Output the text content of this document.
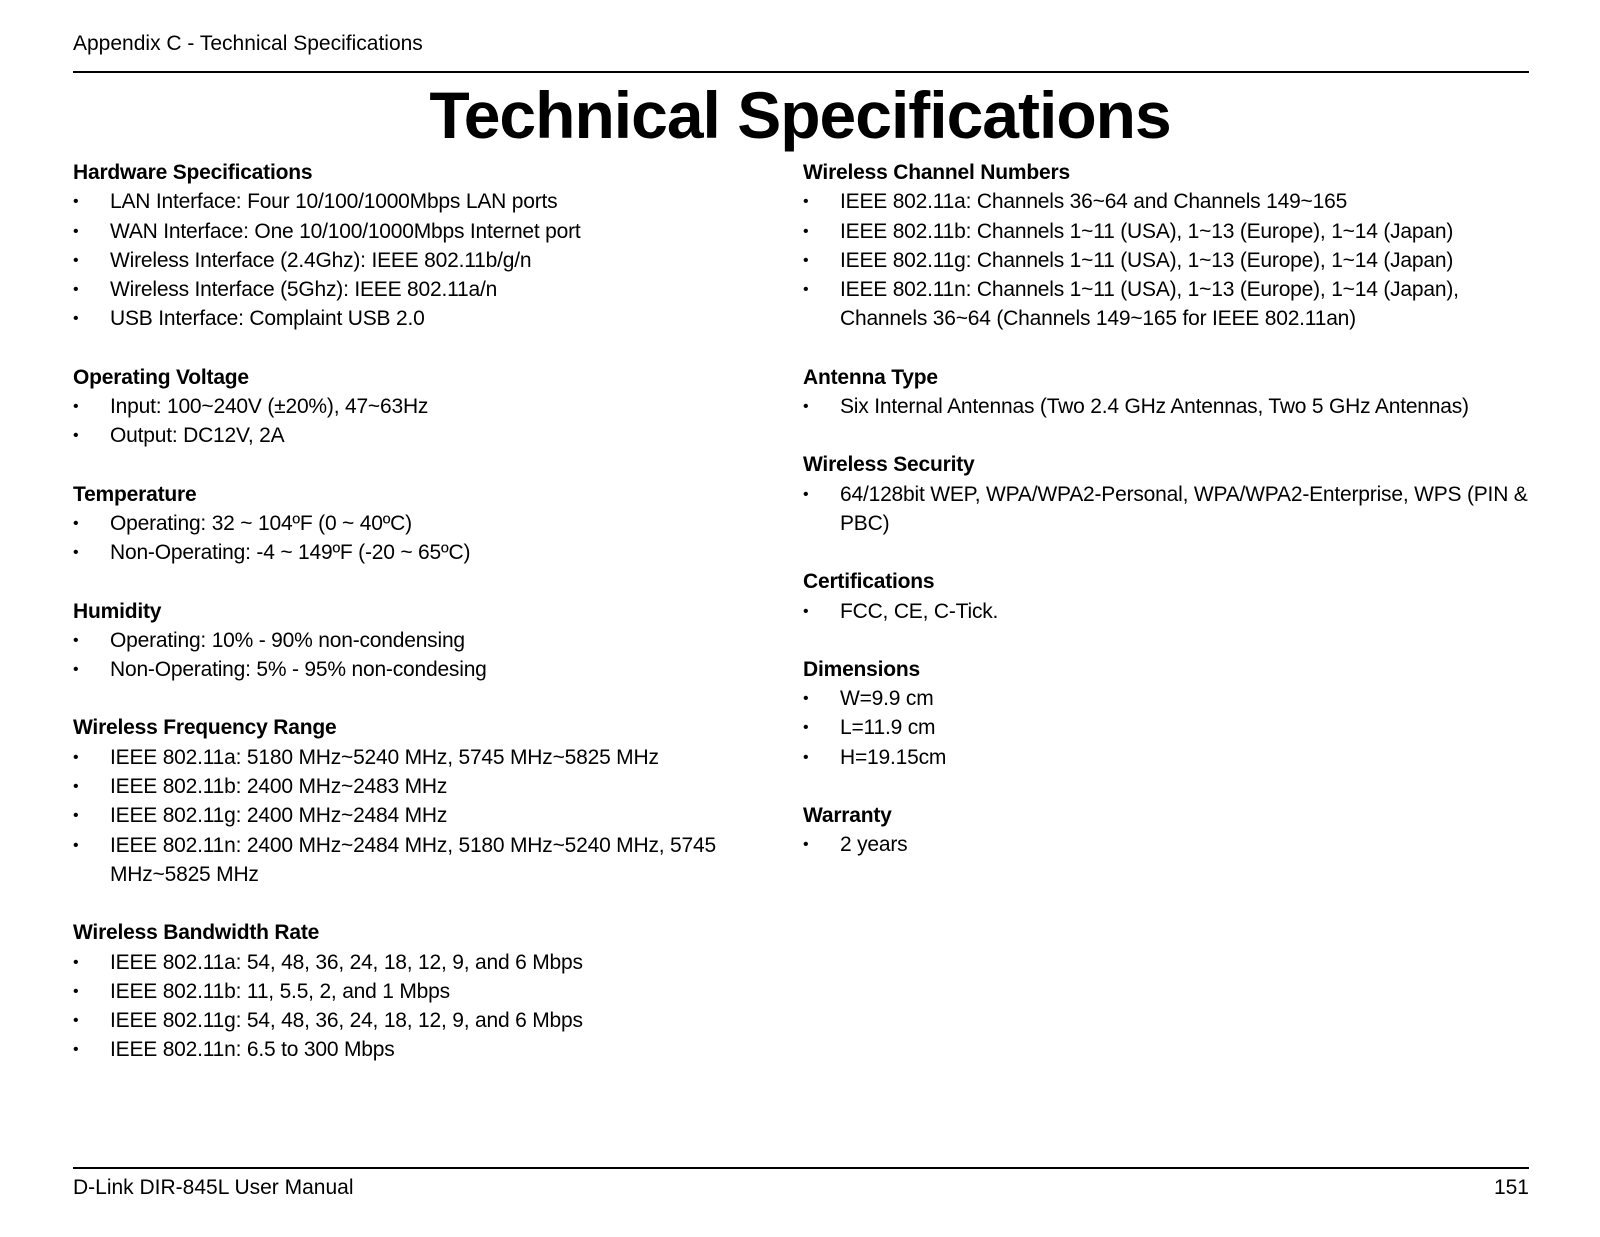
Appendix C - Technical Specifications
Technical Specifications
Hardware Specifications
• LAN Interface: Four 10/100/1000Mbps LAN ports
• WAN Interface: One 10/100/1000Mbps Internet port
• Wireless Interface (2.4Ghz): IEEE 802.11b/g/n
• Wireless Interface (5Ghz): IEEE 802.11a/n
• USB Interface: Complaint USB 2.0
Operating Voltage
• Input: 100~240V (±20%), 47~63Hz
• Output: DC12V, 2A
Temperature
• Operating: 32 ~ 104ºF (0 ~ 40ºC)
• Non-Operating: -4 ~ 149ºF (-20 ~ 65ºC)
Humidity
• Operating: 10% - 90% non-condensing
• Non-Operating: 5% - 95% non-condesing
Wireless Frequency Range
• IEEE 802.11a: 5180 MHz~5240 MHz, 5745 MHz~5825 MHz
• IEEE 802.11b: 2400 MHz~2483 MHz
• IEEE 802.11g: 2400 MHz~2484 MHz
• IEEE 802.11n: 2400 MHz~2484 MHz, 5180 MHz~5240 MHz, 5745 MHz~5825 MHz
Wireless Bandwidth Rate
• IEEE 802.11a: 54, 48, 36, 24, 18, 12, 9, and 6 Mbps
• IEEE 802.11b: 11, 5.5, 2, and 1 Mbps
• IEEE 802.11g: 54, 48, 36, 24, 18, 12, 9, and 6 Mbps
• IEEE 802.11n: 6.5 to 300 Mbps
Wireless Channel Numbers
• IEEE 802.11a: Channels 36~64 and Channels 149~165
• IEEE 802.11b: Channels 1~11 (USA), 1~13 (Europe), 1~14 (Japan)
• IEEE 802.11g: Channels 1~11 (USA), 1~13 (Europe), 1~14 (Japan)
• IEEE 802.11n: Channels 1~11 (USA), 1~13 (Europe), 1~14 (Japan), Channels 36~64 (Channels 149~165 for IEEE 802.11an)
Antenna Type
• Six Internal Antennas (Two 2.4 GHz Antennas, Two 5 GHz Antennas)
Wireless Security
• 64/128bit WEP, WPA/WPA2-Personal, WPA/WPA2-Enterprise, WPS (PIN & PBC)
Certifications
• FCC, CE, C-Tick.
Dimensions
• W=9.9 cm
• L=11.9 cm
• H=19.15cm
Warranty
• 2 years
D-Link DIR-845L User Manual	151
